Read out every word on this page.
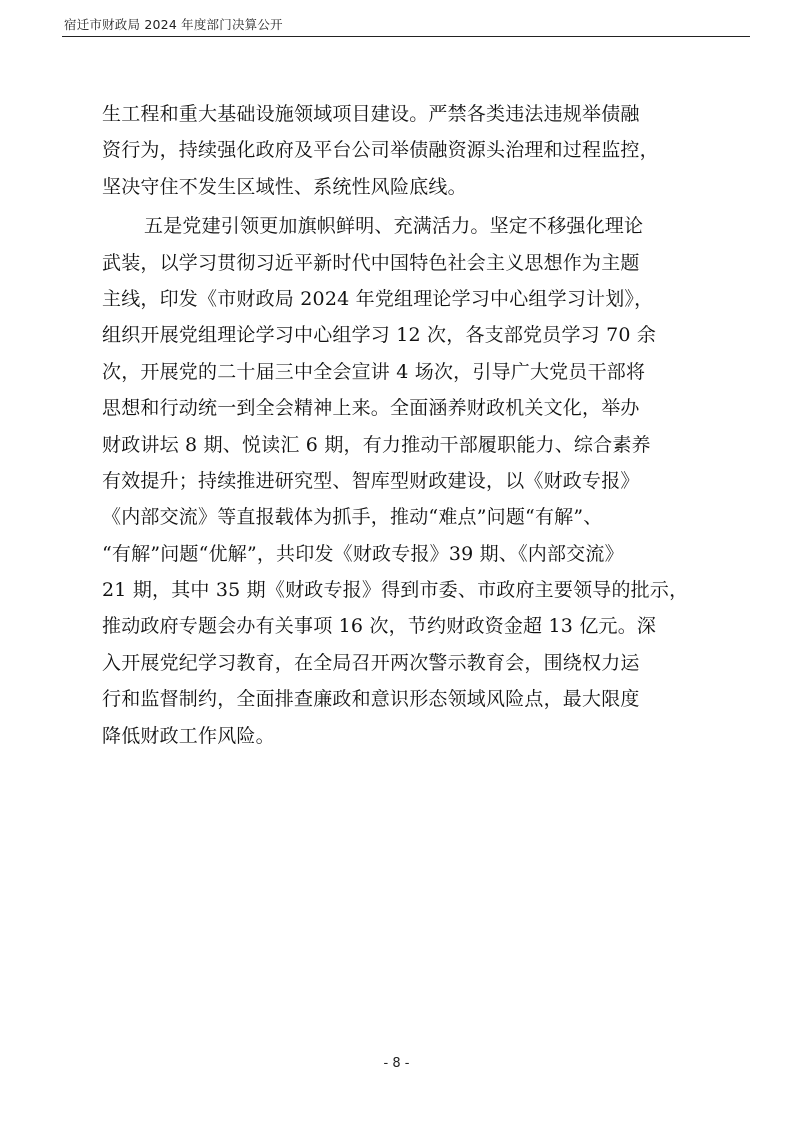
宿迁市财政局 2024 年度部门决算公开
生工程和重大基础设施领域项目建设。严禁各类违法违规举债融
资行为，持续强化政府及平台公司举债融资源头治理和过程监控，
坚决守住不发生区域性、系统性风险底线。
五是党建引领更加旗帜鲜明、充满活力。坚定不移强化理论
武装，以学习贯彻习近平新时代中国特色社会主义思想作为主题
主线，印发《市财政局 2024 年党组理论学习中心组学习计划》，
组织开展党组理论学习中心组学习 12 次，各支部党员学习 70 余
次，开展党的二十届三中全会宣讲 4 场次，引导广大党员干部将
思想和行动统一到全会精神上来。全面涵养财政机关文化，举办
财政讲坛 8 期、悦读汇 6 期，有力推动干部履职能力、综合素养
有效提升；持续推进研究型、智库型财政建设，以《财政专报》
《内部交流》等直报载体为抓手，推动“难点”问题“有解”、
“有解”问题“优解”，共印发《财政专报》39 期、《内部交流》
21 期，其中 35 期《财政专报》得到市委、市政府主要领导的批示，
推动政府专题会办有关事项 16 次，节约财政资金超 13 亿元。深
入开展党纪学习教育，在全局召开两次警示教育会，围绕权力运
行和监督制约，全面排查廉政和意识形态领域风险点，最大限度
降低财政工作风险。
- 8 -
